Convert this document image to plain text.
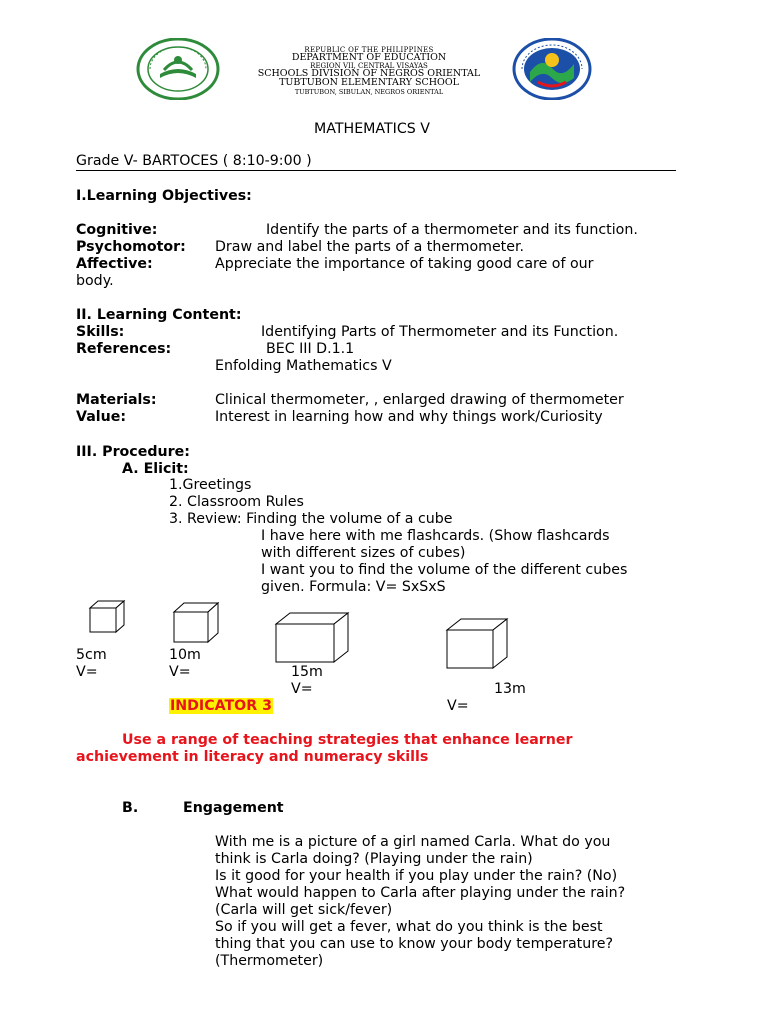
REPUBLIC OF THE PHILIPPINES
DEPARTMENT OF EDUCATION
REGION VII, CENTRAL VISAYAS
SCHOOLS DIVISION OF NEGROS ORIENTAL
TUBTUBON ELEMENTARY SCHOOL
TUBTUBON, SIBULAN, NEGROS ORIENTAL
MATHEMATICS V
Grade V- BARTOCES ( 8:10-9:00 )
I.Learning Objectives:
Cognitive:	Identify the parts of a thermometer and its function.
Psychomotor: Draw and label the parts of a thermometer.
Affective:	Appreciate the importance of taking good care of our
body.
II. Learning Content:
Skills:	Identifying Parts of Thermometer and its Function.
References:	BEC III D.1.1
Enfolding Mathematics V
Materials:	Clinical thermometer, , enlarged drawing of thermometer
Value:	Interest in learning how and why things work/Curiosity
III. Procedure:
A. Elicit:
1.Greetings
2. Classroom Rules
3. Review: Finding the volume of a cube
I have here with me flashcards. (Show flashcards
with different sizes of cubes)
I want you to find the volume of the different cubes
given. Formula: V= SxSxS
5cm
V=
10m
V=	15m
V=	13m
V=
INDICATOR 3
Use a range of teaching strategies that enhance learner
achievement in literacy and numeracy skills
B.	Engagement
With me is a picture of a girl named Carla. What do you
think is Carla doing? (Playing under the rain)
Is it good for your health if you play under the rain? (No)
What would happen to Carla after playing under the rain?
(Carla will get sick/fever)
So if you will get a fever, what do you think is the best
thing that you can use to know your body temperature?
(Thermometer)
